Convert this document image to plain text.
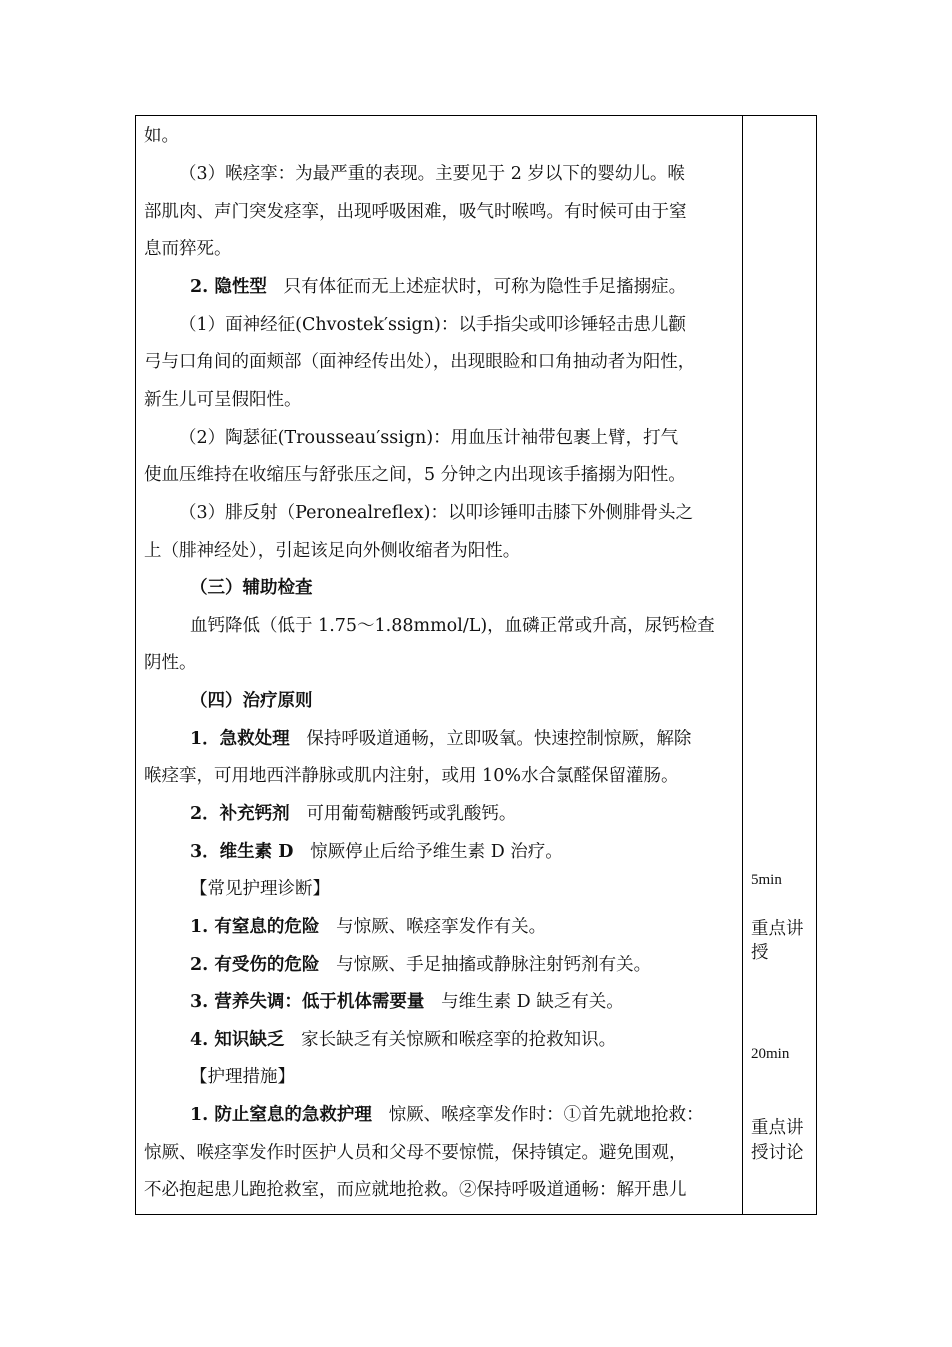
如。
（3）喉痉挛：为最严重的表现。主要见于 2 岁以下的婴幼儿。喉
部肌肉、声门突发痉挛，出现呼吸困难，吸气时喉鸣。有时候可由于窒
息而猝死。
2. 隐性型 只有体征而无上述症状时，可称为隐性手足搐搦症。
（1）面神经征(Chvostek′ssign)：以手指尖或叩诊锤轻击患儿颧
弓与口角间的面颊部（面神经传出处），出现眼睑和口角抽动者为阳性，
新生儿可呈假阳性。
（2）陶瑟征(Trousseau′ssign)：用血压计袖带包裹上臂，打气
使血压维持在收缩压与舒张压之间，5 分钟之内出现该手搐搦为阳性。
（3）腓反射（Peronealreflex)：以叩诊锤叩击膝下外侧腓骨头之
上（腓神经处），引起该足向外侧收缩者为阳性。
（三）辅助检查
血钙降低（低于 1.75～1.88mmol/L)，血磷正常或升高，尿钙检查
阴性。
（四）治疗原则
1．急救处理 保持呼吸道通畅，立即吸氧。快速控制惊厥，解除
喉痉挛，可用地西泮静脉或肌内注射，或用 10%水合氯醛保留灌肠。
2．补充钙剂 可用葡萄糖酸钙或乳酸钙。
3．维生素 D 惊厥停止后给予维生素 D 治疗。
【常见护理诊断】
1. 有窒息的危险 与惊厥、喉痉挛发作有关。
2. 有受伤的危险 与惊厥、手足抽搐或静脉注射钙剂有关。
3. 营养失调：低于机体需要量 与维生素 D 缺乏有关。
4. 知识缺乏 家长缺乏有关惊厥和喉痉挛的抢救知识。
【护理措施】
1. 防止窒息的急救护理 惊厥、喉痉挛发作时：①首先就地抢救：
惊厥、喉痉挛发作时医护人员和父母不要惊慌，保持镇定。避免围观，
不必抱起患儿跑抢救室，而应就地抢救。②保持呼吸道通畅：解开患儿
5min
重点讲
授
20min
重点讲
授讨论
